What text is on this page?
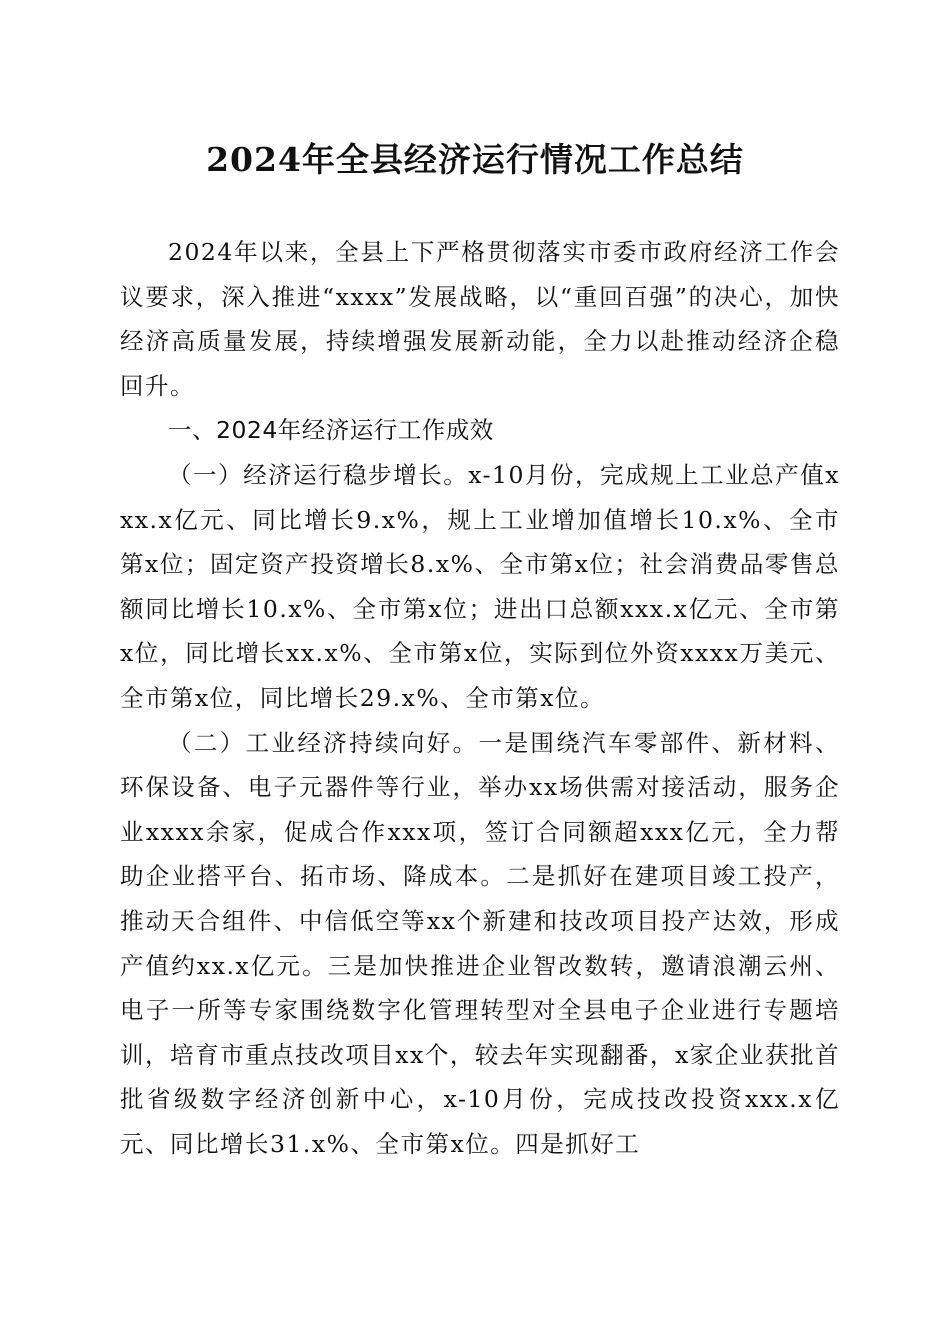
2024年全县经济运行情况工作总结

2024年以来，全县上下严格贯彻落实市委市政府经济工作会议要求，深入推进“xxxx”发展战略，以“重回百强”的决心，加快经济高质量发展，持续增强发展新动能，全力以赴推动经济企稳回升。

一、2024年经济运行工作成效

（一）经济运行稳步增长。x-10月份，完成规上工业总产值xxx.x亿元、同比增长9.x%，规上工业增加值增长10.x%、全市第x位；固定资产投资增长8.x%、全市第x位；社会消费品零售总额同比增长10.x%、全市第x位；进出口总额xxx.x亿元、全市第x位，同比增长xx.x%、全市第x位，实际到位外资xxxx万美元、全市第x位，同比增长29.x%、全市第x位。

（二）工业经济持续向好。一是围绕汽车零部件、新材料、环保设备、电子元器件等行业，举办xx场供需对接活动，服务企业xxxx余家，促成合作xxx项，签订合同额超xxx亿元，全力帮助企业搭平台、拓市场、降成本。二是抓好在建项目竣工投产，推动天合组件、中信低空等xx个新建和技改项目投产达效，形成产值约xx.x亿元。三是加快推进企业智改数转，邀请浪潮云州、电子一所等专家围绕数字化管理转型对全县电子企业进行专题培训，培育市重点技改项目xx个，较去年实现翻番，x家企业获批首批省级数字经济创新中心，x-10月份，完成技改投资xxx.x亿元、同比增长31.x%、全市第x位。四是抓好工
